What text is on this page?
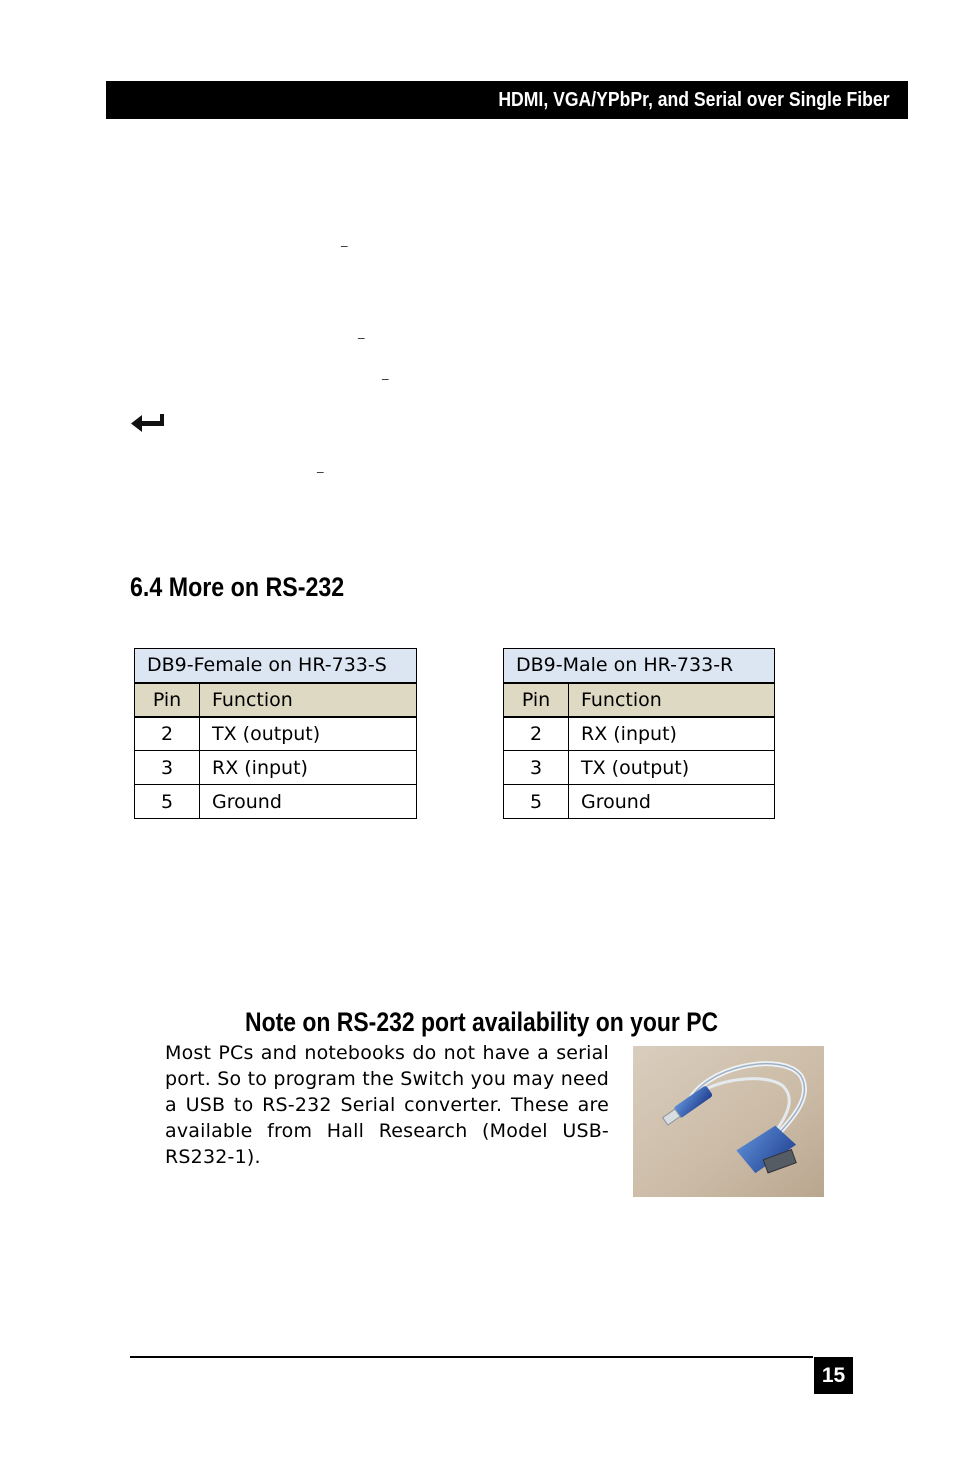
HDMI, VGA/YPbPr, and Serial over Single Fiber
_
_
_
_
6.4 More on RS-232
DB9-Female on HR-733-S	
Pin	Function
2	TX (output)
3	RX (input)
5	Ground
DB9-Male on HR-733-R	
Pin	Function
2	RX (input)
3	TX (output)
5	Ground
Note on RS-232 port availability on your PC
Most PCs and notebooks do not have a serial port. So to program the Switch you may need a USB to RS-232 Serial converter. These are available from Hall Research (Model USB-RS232-1).
15
